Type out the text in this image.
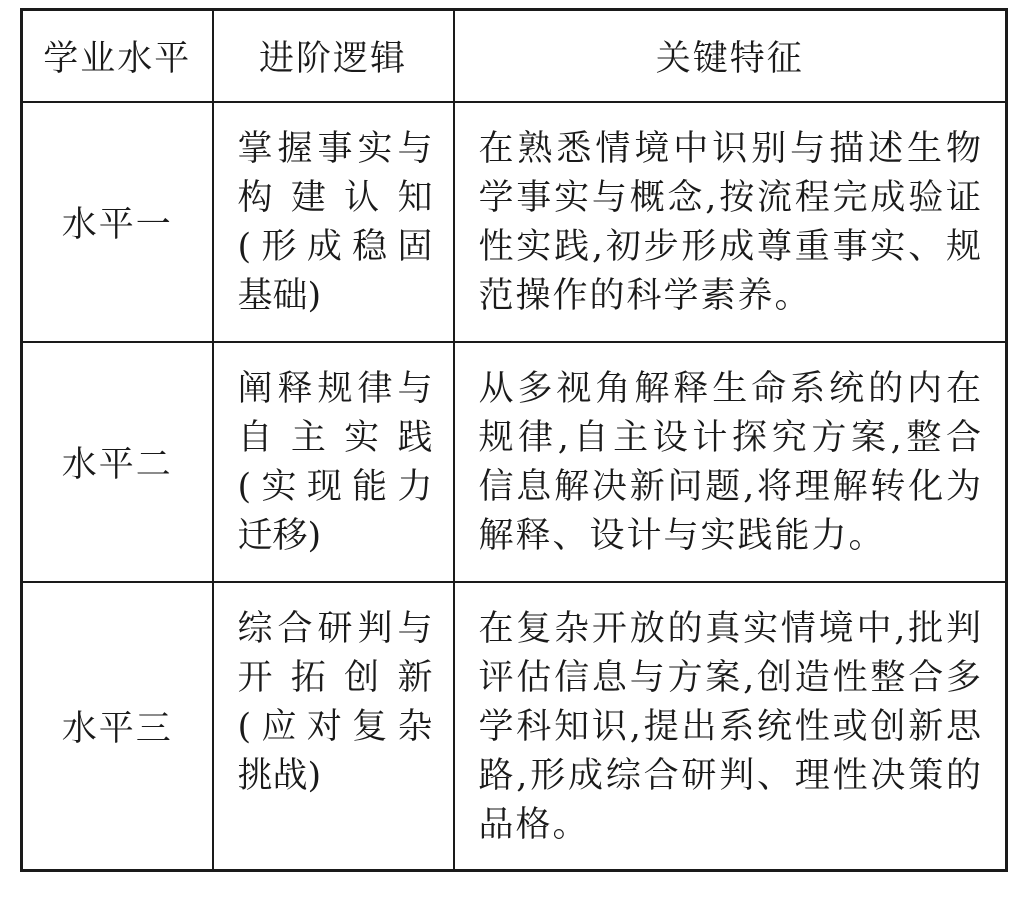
学业水平	进阶逻辑	关键特征
水平一	掌握事实与
构建认知
(形成稳固
基础)	在熟悉情境中识别与描述生物学事实与概念,按流程完成验证性实践,初步形成尊重事实、规范操作的科学素养。
水平二	阐释规律与
自主实践
(实现能力
迁移)	从多视角解释生命系统的内在规律,自主设计探究方案,整合信息解决新问题,将理解转化为解释、设计与实践能力。
水平三	综合研判与
开拓创新
(应对复杂
挑战)	在复杂开放的真实情境中,批判评估信息与方案,创造性整合多学科知识,提出系统性或创新思路,形成综合研判、理性决策的品格。
